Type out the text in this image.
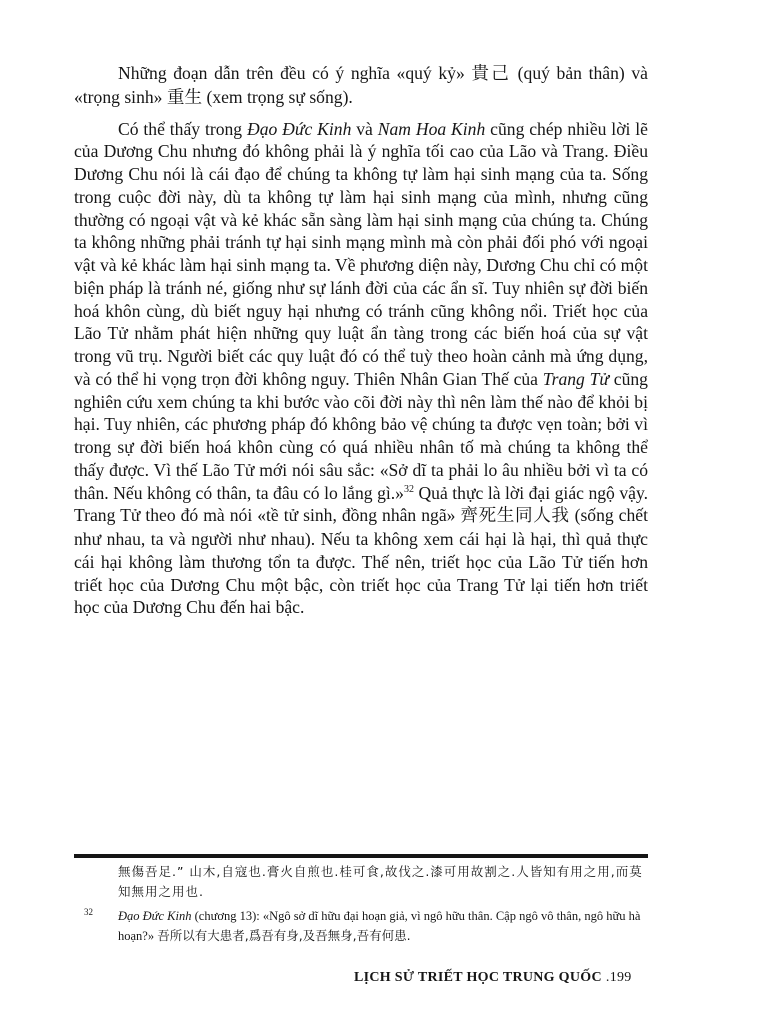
Những đoạn dẫn trên đều có ý nghĩa «quý kỷ» 貴己 (quý bản thân) và «trọng sinh» 重生 (xem trọng sự sống).

Có thể thấy trong Đạo Đức Kinh và Nam Hoa Kinh cũng chép nhiều lời lẽ của Dương Chu nhưng đó không phải là ý nghĩa tối cao của Lão và Trang. Điều Dương Chu nói là cái đạo để chúng ta không tự làm hại sinh mạng của ta. Sống trong cuộc đời này, dù ta không tự làm hại sinh mạng của mình, nhưng cũng thường có ngoại vật và kẻ khác sẵn sàng làm hại sinh mạng của chúng ta. Chúng ta không những phải tránh tự hại sinh mạng mình mà còn phải đối phó với ngoại vật và kẻ khác làm hại sinh mạng ta. Về phương diện này, Dương Chu chỉ có một biện pháp là tránh né, giống như sự lánh đời của các ẩn sĩ. Tuy nhiên sự đời biến hoá khôn cùng, dù biết nguy hại nhưng có tránh cũng không nổi. Triết học của Lão Tử nhằm phát hiện những quy luật ẩn tàng trong các biến hoá của sự vật trong vũ trụ. Người biết các quy luật đó có thể tuỳ theo hoàn cảnh mà ứng dụng, và có thể hi vọng trọn đời không nguy. Thiên Nhân Gian Thế của Trang Tử cũng nghiên cứu xem chúng ta khi bước vào cõi đời này thì nên làm thế nào để khỏi bị hại. Tuy nhiên, các phương pháp đó không bảo vệ chúng ta được vẹn toàn; bởi vì trong sự đời biến hoá khôn cùng có quá nhiều nhân tố mà chúng ta không thể thấy được. Vì thế Lão Tử mới nói sâu sắc: «Sở dĩ ta phải lo âu nhiều bởi vì ta có thân. Nếu không có thân, ta đâu có lo lắng gì.»$^{32}$ Quả thực là lời đại giác ngộ vậy. Trang Tử theo đó mà nói «tề tử sinh, đồng nhân ngã» 齊死生同人我 (sống chết như nhau, ta và người như nhau). Nếu ta không xem cái hại là hại, thì quả thực cái hại không làm thương tổn ta được. Thế nên, triết học của Lão Tử tiến hơn triết học của Dương Chu một bậc, còn triết học của Trang Tử lại tiến hơn triết học của Dương Chu đến hai bậc.

無傷吾足.” 山木,自寇也.膏火自煎也.桂可食,故伐之.漆可用故割之.人皆知有用之用,而莫知無用之用也.

32 Đạo Đức Kinh (chương 13): «Ngô sở dĩ hữu đại hoạn giả, vì ngô hữu thân. Cập ngô vô thân, ngô hữu hà hoạn?» 吾所以有大患者,爲吾有身,及吾無身,吾有何患.

LỊCH SỬ TRIẾT HỌC TRUNG QUỐC .199
